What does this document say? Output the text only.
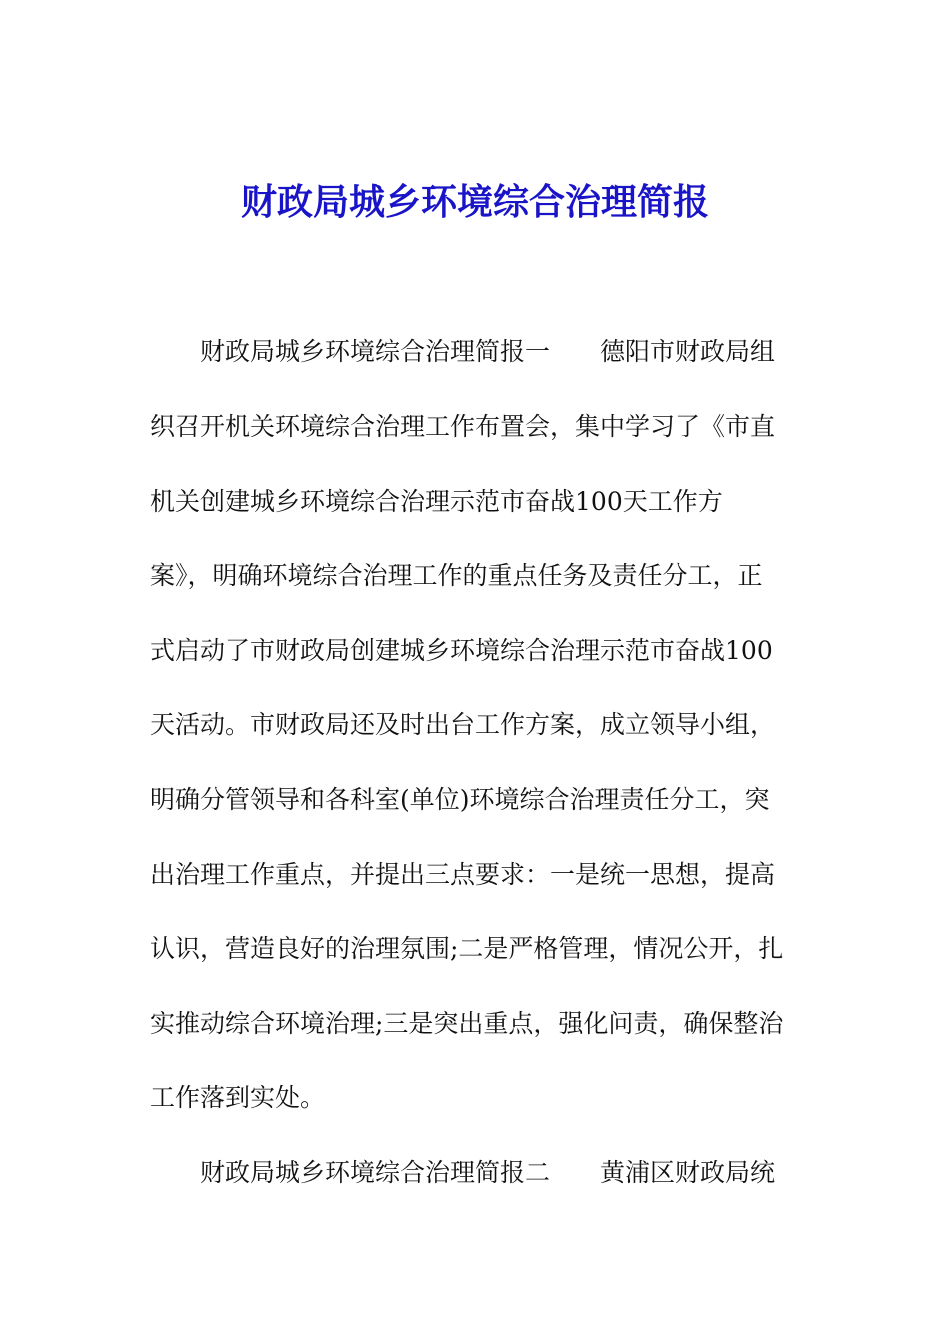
财政局城乡环境综合治理简报
财政局城乡环境综合治理简报一　　德阳市财政局组
织召开机关环境综合治理工作布置会，集中学习了《市直
机关创建城乡环境综合治理示范市奋战100天工作方
案》，明确环境综合治理工作的重点任务及责任分工，正
式启动了市财政局创建城乡环境综合治理示范市奋战100
天活动。市财政局还及时出台工作方案，成立领导小组，
明确分管领导和各科室(单位)环境综合治理责任分工，突
出治理工作重点，并提出三点要求：一是统一思想，提高
认识，营造良好的治理氛围;二是严格管理，情况公开，扎
实推动综合环境治理;三是突出重点，强化问责，确保整治
工作落到实处。
财政局城乡环境综合治理简报二　　黄浦区财政局统
